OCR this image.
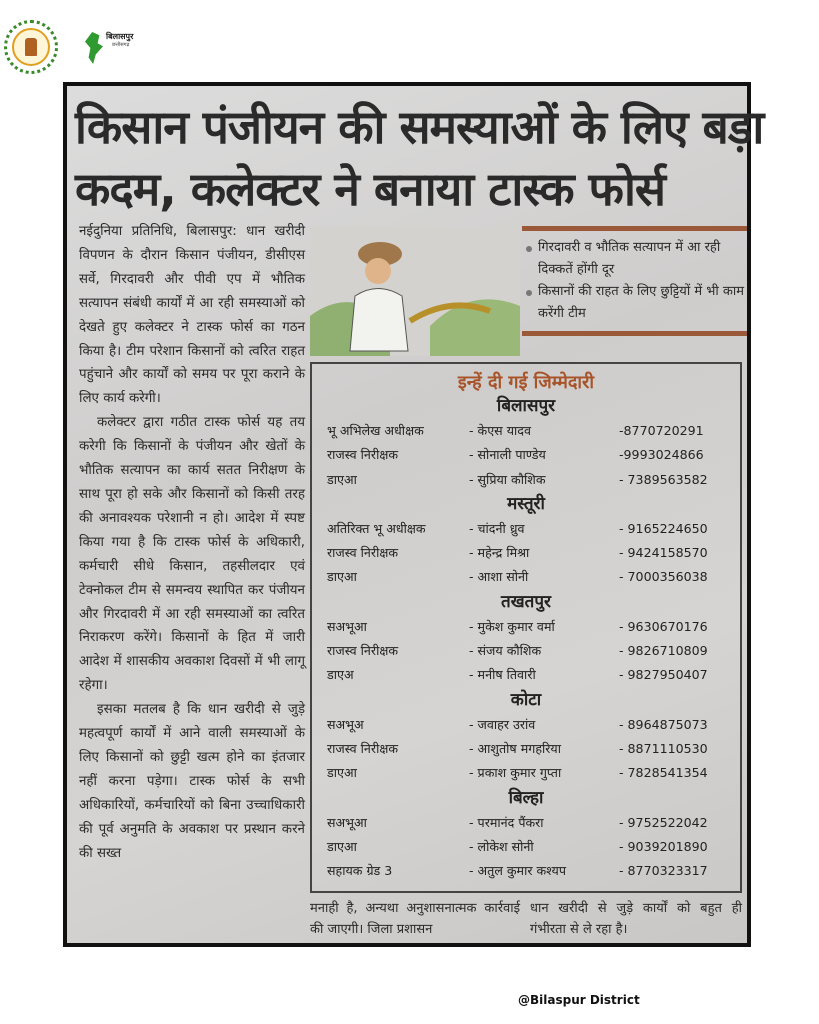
बिलासपुर
छत्तीसगढ़
किसान पंजीयन की समस्याओं के लिए बड़ा
कदम, कलेक्टर ने बनाया टास्क फोर्स

नईदुनिया प्रतिनिधि, बिलासपुर: धान खरीदी विपणन के दौरान किसान पंजीयन, डीसीएस सर्वे, गिरदावरी और पीवी एप में भौतिक सत्यापन संबंधी कार्यों में आ रही समस्याओं को देखते हुए कलेक्टर ने टास्क फोर्स का गठन किया है। टीम परेशान किसानों को त्वरित राहत पहुंचाने और कार्यों को समय पर पूरा कराने के लिए कार्य करेगी।

कलेक्टर द्वारा गठीत टास्क फोर्स यह तय करेगी कि किसानों के पंजीयन और खेतों के भौतिक सत्यापन का कार्य सतत निरीक्षण के साथ पूरा हो सके और किसानों को किसी तरह की अनावश्यक परेशानी न हो। आदेश में स्पष्ट किया गया है कि टास्क फोर्स के अधिकारी, कर्मचारी सीधे किसान, तहसीलदार एवं टेक्नोकल टीम से समन्वय स्थापित कर पंजीयन और गिरदावरी में आ रही समस्याओं का त्वरित निराकरण करेंगे। किसानों के हित में जारी आदेश में शासकीय अवकाश दिवसों में भी लागू रहेगा।

इसका मतलब है कि धान खरीदी से जुड़े महत्वपूर्ण कार्यों में आने वाली समस्याओं के लिए किसानों को छुट्टी खत्म होने का इंतजार नहीं करना पड़ेगा। टास्क फोर्स के सभी अधिकारियों, कर्मचारियों को बिना उच्चाधिकारी की पूर्व अनुमति के अवकाश पर प्रस्थान करने की सख्त

गिरदावरी व भौतिक सत्यापन में आ रही दिक्कतें होंगी दूर
किसानों की राहत के लिए छुट्टियों में भी काम करेंगी टीम
इन्हें दी गई जिम्मेदारी
बिलासपुर
भू अभिलेख अधीक्षक	- केएस यादव	-8770720291
राजस्व निरीक्षक	- सोनाली पाण्डेय	-9993024866
डाएआ	- सुप्रिया कौशिक	- 7389563582
मस्तूरी
अतिरिक्त भू अधीक्षक	- चांदनी ध्रुव	- 9165224650
राजस्व निरीक्षक	- महेन्द्र मिश्रा	- 9424158570
डाएआ	- आशा सोनी	- 7000356038
तखतपुर
सअभूआ	- मुकेश कुमार वर्मा	- 9630670176
राजस्व निरीक्षक	- संजय कौशिक	- 9826710809
डाएअ	- मनीष तिवारी	- 9827950407
कोटा
सअभूअ	- जवाहर उरांव	- 8964875073
राजस्व निरीक्षक	- आशुतोष मगहरिया	- 8871110530
डाएआ	- प्रकाश कुमार गुप्ता	- 7828541354
बिल्हा
सअभूआ	- परमानंद पैंकरा	- 9752522042
डाएआ	- लोकेश सोनी	- 9039201890
सहायक ग्रेड 3	- अतुल कुमार कश्यप	- 8770323317
मनाही है, अन्यथा अनुशासनात्मक कार्रवाई की जाएगी। जिला प्रशासन
धान खरीदी से जुड़े कार्यों को बहुत ही गंभीरता से ले रहा है।
@Bilaspur District
